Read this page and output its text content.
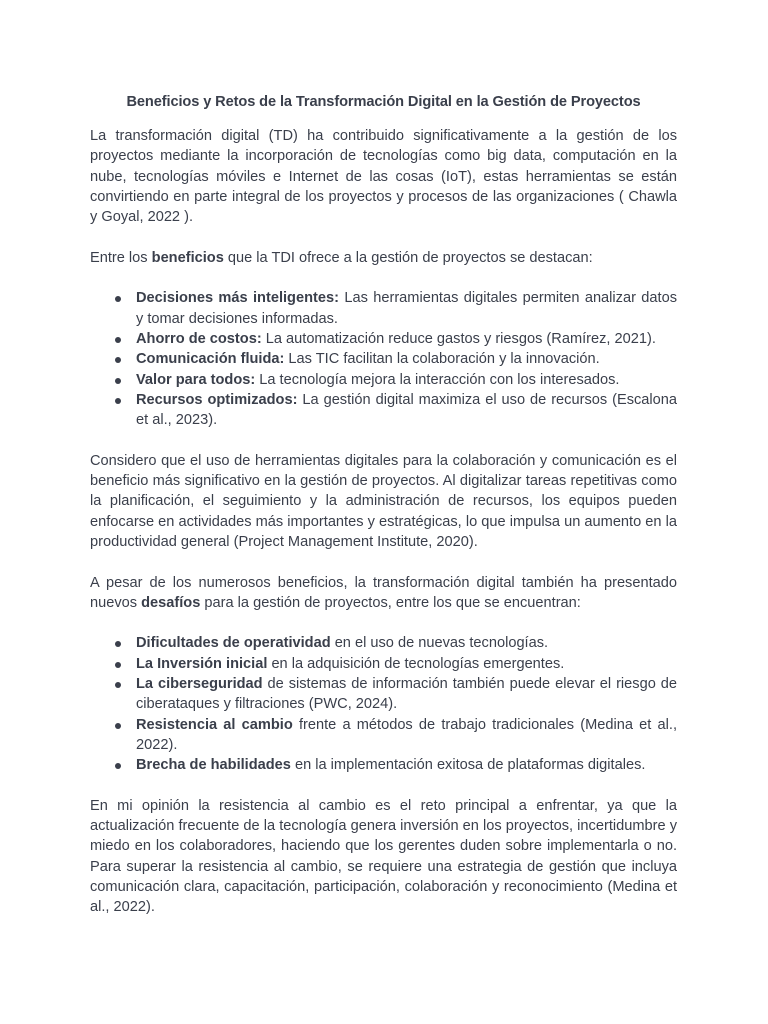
Beneficios y Retos de la Transformación Digital en la Gestión de Proyectos

La transformación digital (TD) ha contribuido significativamente a la gestión de los proyectos mediante la incorporación de tecnologías como big data, computación en la nube, tecnologías móviles e Internet de las cosas (IoT), estas herramientas se están convirtiendo en parte integral de los proyectos y procesos de las organizaciones ( Chawla y Goyal, 2022 ).

Entre los beneficios que la TDI ofrece a la gestión de proyectos se destacan:

Decisiones más inteligentes: Las herramientas digitales permiten analizar datos y tomar decisiones informadas.
Ahorro de costos: La automatización reduce gastos y riesgos (Ramírez, 2021).
Comunicación fluida: Las TIC facilitan la colaboración y la innovación.
Valor para todos: La tecnología mejora la interacción con los interesados.
Recursos optimizados: La gestión digital maximiza el uso de recursos (Escalona et al., 2023).

Considero que el uso de herramientas digitales para la colaboración y comunicación es el beneficio más significativo en la gestión de proyectos. Al digitalizar tareas repetitivas como la planificación, el seguimiento y la administración de recursos, los equipos pueden enfocarse en actividades más importantes y estratégicas, lo que impulsa un aumento en la productividad general (Project Management Institute, 2020).

A pesar de los numerosos beneficios, la transformación digital también ha presentado nuevos desafíos para la gestión de proyectos, entre los que se encuentran:

Dificultades de operatividad en el uso de nuevas tecnologías.
La Inversión inicial en la adquisición de tecnologías emergentes.
La ciberseguridad de sistemas de información también puede elevar el riesgo de ciberataques y filtraciones (PWC, 2024).
Resistencia al cambio frente a métodos de trabajo tradicionales (Medina et al., 2022).
Brecha de habilidades en la implementación exitosa de plataformas digitales.

En mi opinión la resistencia al cambio es el reto principal a enfrentar, ya que la actualización frecuente de la tecnología genera inversión en los proyectos, incertidumbre y miedo en los colaboradores, haciendo que los gerentes duden sobre implementarla o no. Para superar la resistencia al cambio, se requiere una estrategia de gestión que incluya comunicación clara, capacitación, participación, colaboración y reconocimiento (Medina et al., 2022).
